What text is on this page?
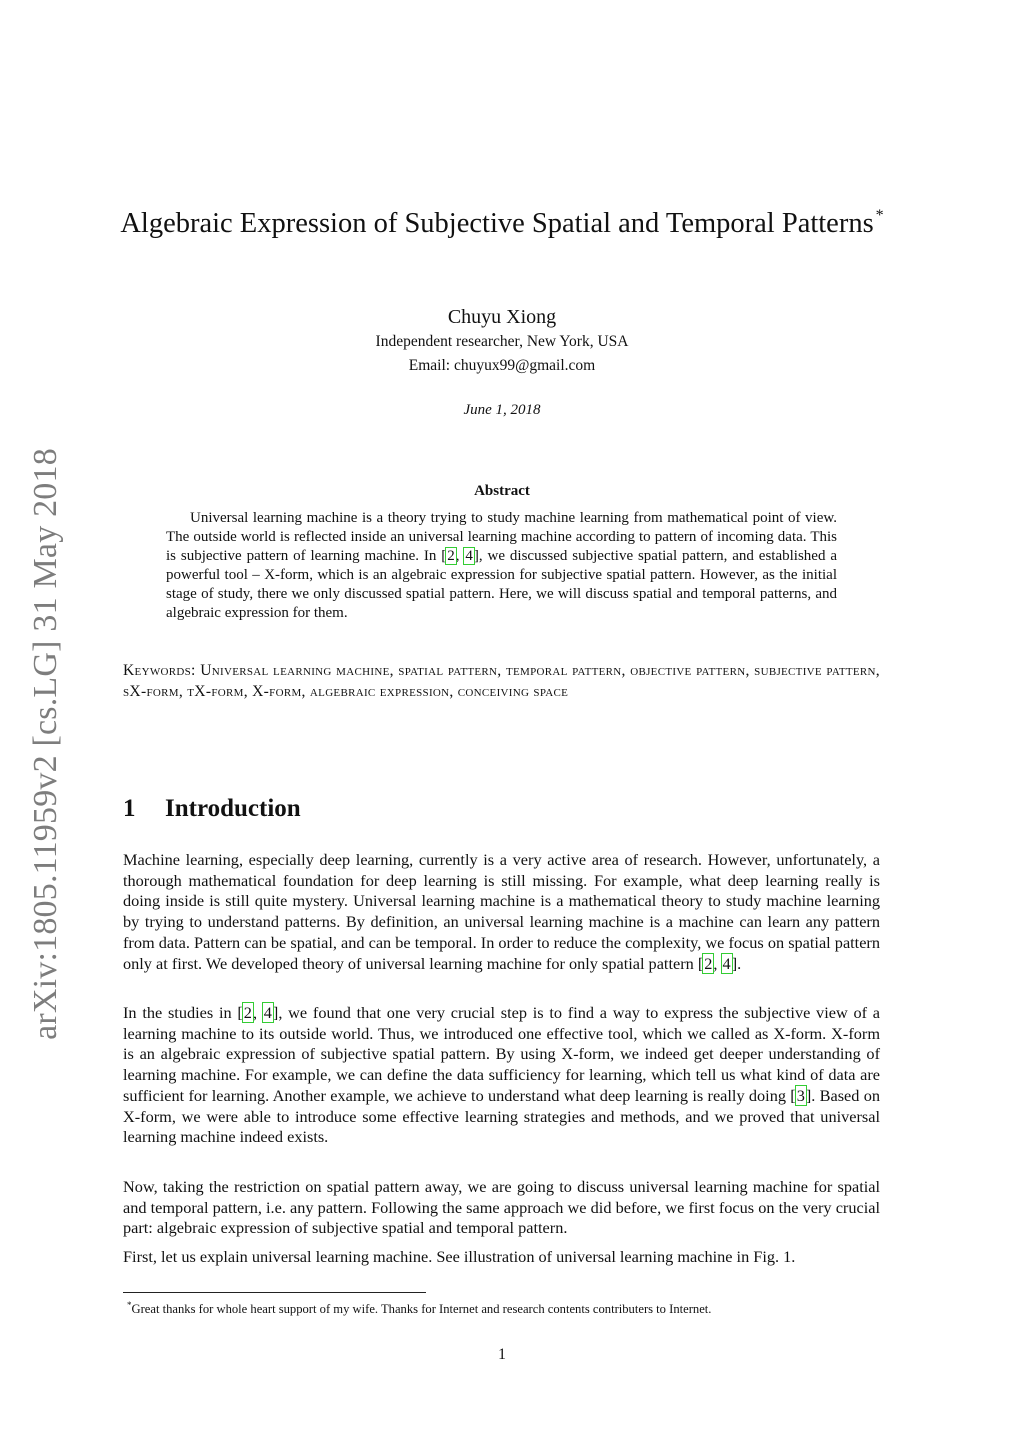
arXiv:1805.11959v2 [cs.LG] 31 May 2018
Algebraic Expression of Subjective Spatial and Temporal Patterns *
Chuyu Xiong
Independent researcher, New York, USA
Email: chuyux99@gmail.com
June 1, 2018
Abstract
Universal learning machine is a theory trying to study machine learning from mathematical point of view. The outside world is reflected inside an universal learning machine according to pattern of incoming data. This is subjective pattern of learning machine. In [2, 4], we discussed subjective spatial pattern, and established a powerful tool – X-form, which is an algebraic expression for subjective spatial pattern. However, as the initial stage of study, there we only discussed spatial pattern. Here, we will discuss spatial and temporal patterns, and algebraic expression for them.
Keywords: Universal learning machine, spatial pattern, temporal pattern, objective pattern, subjective pattern, sX-form, tX-form, X-form, algebraic expression, conceiving space
1 Introduction
Machine learning, especially deep learning, currently is a very active area of research. However, unfortunately, a thorough mathematical foundation for deep learning is still missing. For example, what deep learning really is doing inside is still quite mystery. Universal learning machine is a mathematical theory to study machine learning by trying to understand patterns. By definition, an universal learning machine is a machine can learn any pattern from data. Pattern can be spatial, and can be temporal. In order to reduce the complexity, we focus on spatial pattern only at first. We developed theory of universal learning machine for only spatial pattern [2, 4].
In the studies in [2, 4], we found that one very crucial step is to find a way to express the subjective view of a learning machine to its outside world. Thus, we introduced one effective tool, which we called as X-form. X-form is an algebraic expression of subjective spatial pattern. By using X-form, we indeed get deeper understanding of learning machine. For example, we can define the data sufficiency for learning, which tell us what kind of data are sufficient for learning. Another example, we achieve to understand what deep learning is really doing [3]. Based on X-form, we were able to introduce some effective learning strategies and methods, and we proved that universal learning machine indeed exists.
Now, taking the restriction on spatial pattern away, we are going to discuss universal learning machine for spatial and temporal pattern, i.e. any pattern. Following the same approach we did before, we first focus on the very crucial part: algebraic expression of subjective spatial and temporal pattern.
First, let us explain universal learning machine. See illustration of universal learning machine in Fig. 1.
*Great thanks for whole heart support of my wife. Thanks for Internet and research contents contributers to Internet.
1
